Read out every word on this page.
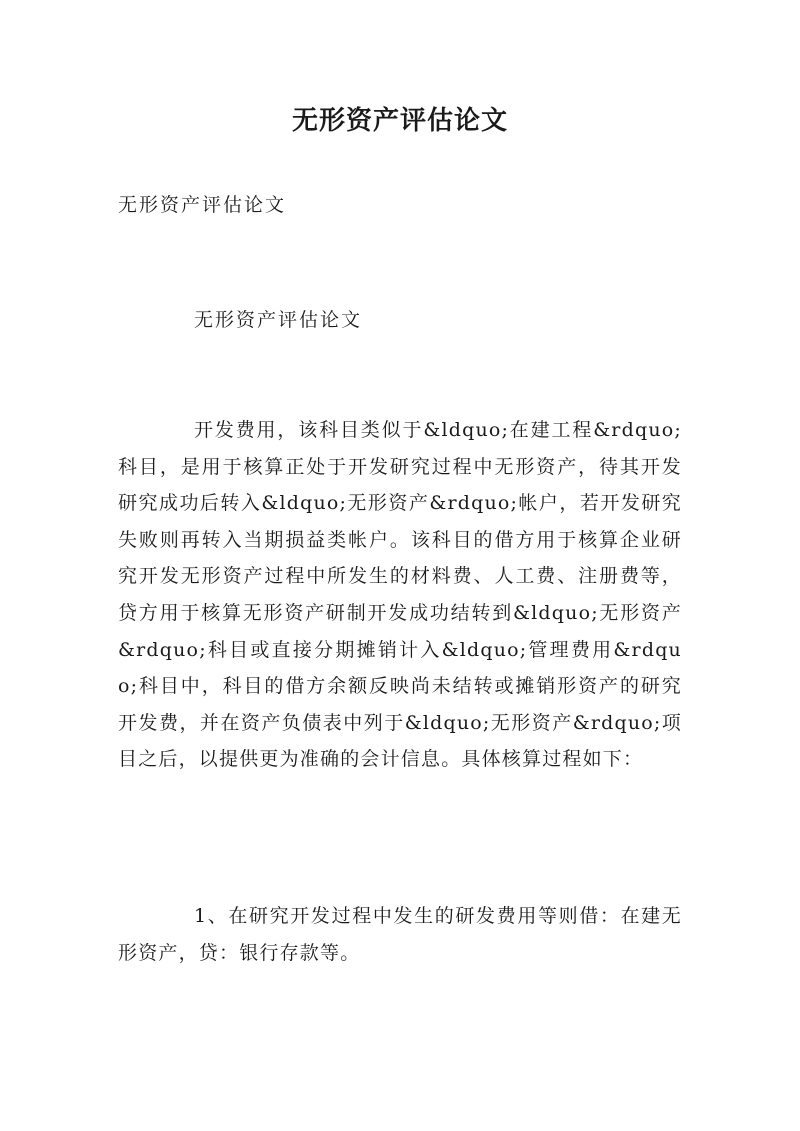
无形资产评估论文

无形资产评估论文

无形资产评估论文

开发费用，该科目类似于&ldquo;在建工程&rdquo;科目，是用于核算正处于开发研究过程中无形资产，待其开发研究成功后转入&ldquo;无形资产&rdquo;帐户，若开发研究失败则再转入当期损益类帐户。该科目的借方用于核算企业研究开发无形资产过程中所发生的材料费、人工费、注册费等，贷方用于核算无形资产研制开发成功结转到&ldquo;无形资产&rdquo;科目或直接分期摊销计入&ldquo;管理费用&rdquo;科目中，科目的借方余额反映尚未结转或摊销形资产的研究开发费，并在资产负债表中列于&ldquo;无形资产&rdquo;项目之后，以提供更为准确的会计信息。具体核算过程如下：

1、在研究开发过程中发生的研发费用等则借：在建无形资产，贷：银行存款等。
